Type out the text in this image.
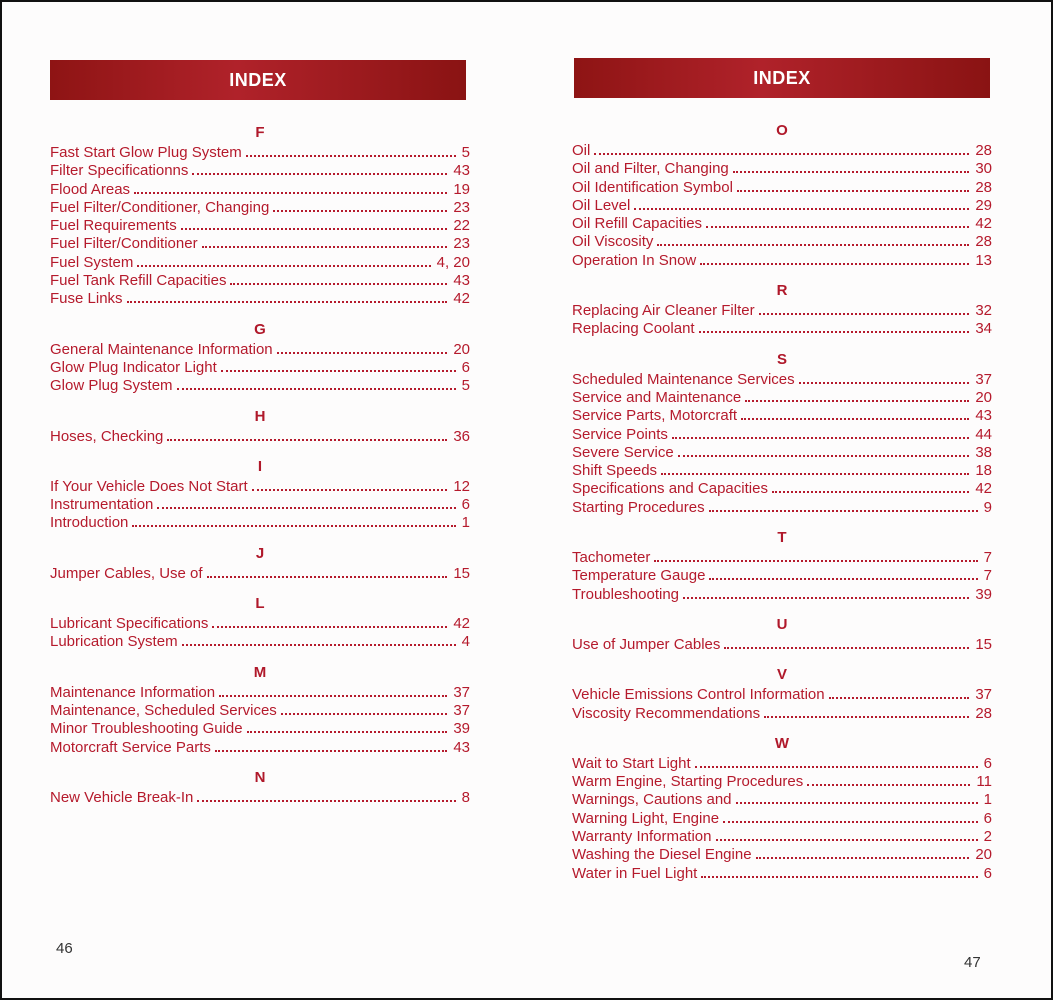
INDEX
F
Fast Start Glow Plug System	5
Filter Specificationns	43
Flood Areas	19
Fuel Filter/Conditioner, Changing	23
Fuel Requirements	22
Fuel Filter/Conditioner	23
Fuel System	4, 20
Fuel Tank Refill Capacities	43
Fuse Links	42
G
General Maintenance Information	20
Glow Plug Indicator Light	6
Glow Plug System	5
H
Hoses, Checking	36
I
If Your Vehicle Does Not Start	12
Instrumentation	6
Introduction	1
J
Jumper Cables, Use of	15
L
Lubricant Specifications	42
Lubrication System	4
M
Maintenance Information	37
Maintenance, Scheduled Services	37
Minor Troubleshooting Guide	39
Motorcraft Service Parts	43
N
New Vehicle Break-In	8
46
INDEX
O
Oil	28
Oil and Filter, Changing	30
Oil Identification Symbol	28
Oil Level	29
Oil Refill Capacities	42
Oil Viscosity	28
Operation In Snow	13
R
Replacing Air Cleaner Filter	32
Replacing Coolant	34
S
Scheduled Maintenance Services	37
Service and Maintenance	20
Service Parts, Motorcraft	43
Service Points	44
Severe Service	38
Shift Speeds	18
Specifications and Capacities	42
Starting Procedures	9
T
Tachometer	7
Temperature Gauge	7
Troubleshooting	39
U
Use of Jumper Cables	15
V
Vehicle Emissions Control Information	37
Viscosity Recommendations	28
W
Wait to Start Light	6
Warm Engine, Starting Procedures	11
Warnings, Cautions and	1
Warning Light, Engine	6
Warranty Information	2
Washing the Diesel Engine	20
Water in Fuel Light	6
47
